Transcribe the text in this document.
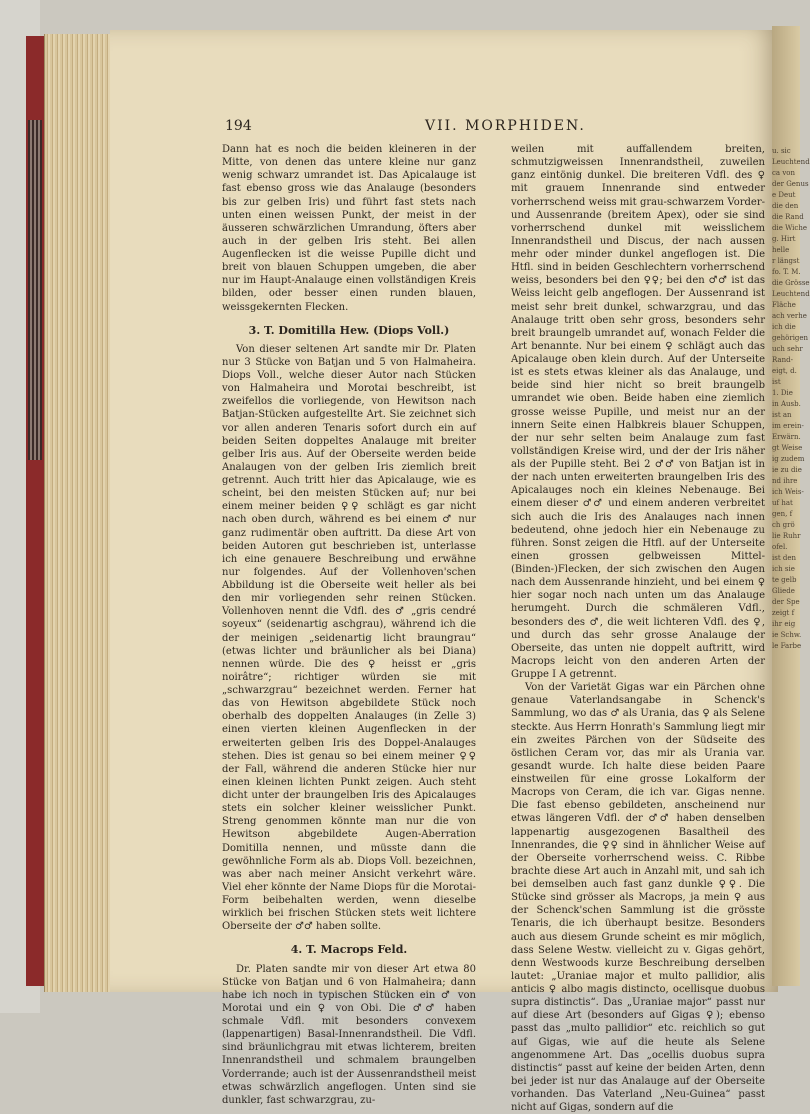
u. sic
Leuchtend
ca von
der Genus
e Deut
die den
die Rand
die Wiche
g. Hirt
helle
r längst
fo. T. M.
die Grösse
Leuchtend
Fläche
ach verhe
ich die
gehörigen
uch sehr
Rand-
eigt, d.
ist
1. Die
in Ausb.
ist an
im erein-
Erwärn.
gt Weise
ig zudem
ie zu die
nd ihre
ich Weis-
uf hat
gen, f
ch grö
lie Ruhr
ofel.
ist den
ich sie
te gelb
Gliede
der Spe
zeigt f
ihr eig
ie Schw.
le Farbe
194	VII. MORPHIDEN.

Dann hat es noch die beiden kleineren in der Mitte, von denen das untere kleine nur ganz wenig schwarz umrandet ist. Das Apicalauge ist fast ebenso gross wie das Analauge (besonders bis zur gelben Iris) und führt fast stets nach unten einen weissen Punkt, der meist in der äusseren schwärzlichen Umrandung, öfters aber auch in der gelben Iris steht. Bei allen Augenflecken ist die weisse Pupille dicht und breit von blauen Schuppen umgeben, die aber nur im Haupt-Analauge einen vollständigen Kreis bilden, oder besser einen runden blauen, weissgekernten Flecken.

3. T. Domitilla Hew. (Diops Voll.)

Von dieser seltenen Art sandte mir Dr. Platen nur 3 Stücke von Batjan und 5 von Halmaheira. Diops Voll., welche dieser Autor nach Stücken von Halmaheira und Morotai beschreibt, ist zweifellos die vorliegende, von Hewitson nach Batjan-Stücken aufgestellte Art. Sie zeichnet sich vor allen anderen Tenaris sofort durch ein auf beiden Seiten doppeltes Analauge mit breiter gelber Iris aus. Auf der Oberseite werden beide Analaugen von der gelben Iris ziemlich breit getrennt. Auch tritt hier das Apicalauge, wie es scheint, bei den meisten Stücken auf; nur bei einem meiner beiden ♀♀ schlägt es gar nicht nach oben durch, während es bei einem ♂ nur ganz rudimentär oben auftritt. Da diese Art von beiden Autoren gut beschrieben ist, unterlasse ich eine genauere Beschreibung und erwähne nur folgendes. Auf der Vollenhoven'schen Abbildung ist die Oberseite weit heller als bei den mir vorliegenden sehr reinen Stücken. Vollenhoven nennt die Vdfl. des ♂ „gris cendré soyeux“ (seidenartig aschgrau), während ich die der meinigen „seidenartig licht braungrau“ (etwas lichter und bräunlicher als bei Diana) nennen würde. Die des ♀ heisst er „gris noirâtre“; richtiger würden sie mit „schwarzgrau“ bezeichnet werden. Ferner hat das von Hewitson abgebildete Stück noch oberhalb des doppelten Analauges (in Zelle 3) einen vierten kleinen Augenflecken in der erweiterten gelben Iris des Doppel-Analauges stehen. Dies ist genau so bei einem meiner ♀♀ der Fall, während die anderen Stücke hier nur einen kleinen lichten Punkt zeigen. Auch steht dicht unter der braungelben Iris des Apicalauges stets ein solcher kleiner weisslicher Punkt. Streng genommen könnte man nur die von Hewitson abgebildete Augen-Aberration Domitilla nennen, und müsste dann die gewöhnliche Form als ab. Diops Voll. bezeichnen, was aber nach meiner Ansicht verkehrt wäre. Viel eher könnte der Name Diops für die Morotai-Form beibehalten werden, wenn dieselbe wirklich bei frischen Stücken stets weit lichtere Oberseite der ♂♂ haben sollte.

4. T. Macrops Feld.

Dr. Platen sandte mir von dieser Art etwa 80 Stücke von Batjan und 6 von Halmaheira; dann habe ich noch in typischen Stücken ein ♂ von Morotai und ein ♀ von Obi. Die ♂♂ haben schmale Vdfl. mit besonders convexem (lappenartigen) Basal-Innenrandstheil. Die Vdfl. sind bräunlichgrau mit etwas lichterem, breiten Innenrandstheil und schmalem braungelben Vorderrande; auch ist der Aussenrandstheil meist etwas schwärzlich angeflogen. Unten sind sie dunkler, fast schwarzgrau, zu-

weilen mit auffallendem breiten, schmutzigweissen Innenrandstheil, zuweilen ganz eintönig dunkel. Die breiteren Vdfl. des ♀ mit grauem Innenrande sind entweder vorherrschend weiss mit grau-schwarzem Vorder- und Aussenrande (breitem Apex), oder sie sind vorherrschend dunkel mit weisslichem Innenrandstheil und Discus, der nach aussen mehr oder minder dunkel angeflogen ist. Die Htfl. sind in beiden Geschlechtern vorherrschend weiss, besonders bei den ♀♀; bei den ♂♂ ist das Weiss leicht gelb angeflogen. Der Aussenrand ist meist sehr breit dunkel, schwarzgrau, und das Analauge tritt oben sehr gross, besonders sehr breit braungelb umrandet auf, wonach Felder die Art benannte. Nur bei einem ♀ schlägt auch das Apicalauge oben klein durch. Auf der Unterseite ist es stets etwas kleiner als das Analauge, und beide sind hier nicht so breit braungelb umrandet wie oben. Beide haben eine ziemlich grosse weisse Pupille, und meist nur an der innern Seite einen Halbkreis blauer Schuppen, der nur sehr selten beim Analauge zum fast vollständigen Kreise wird, und der der Iris näher als der Pupille steht. Bei 2 ♂♂ von Batjan ist in der nach unten erweiterten braungelben Iris des Apicalauges noch ein kleines Nebenauge. Bei einem dieser ♂♂ und einem anderen verbreitet sich auch die Iris des Analauges nach innen bedeutend, ohne jedoch hier ein Nebenauge zu führen. Sonst zeigen die Htfl. auf der Unterseite einen grossen gelbweissen Mittel-(Binden-)Flecken, der sich zwischen den Augen nach dem Aussenrande hinzieht, und bei einem ♀ hier sogar noch nach unten um das Analauge herumgeht. Durch die schmäleren Vdfl., besonders des ♂, die weit lichteren Vdfl. des ♀, und durch das sehr grosse Analauge der Oberseite, das unten nie doppelt auftritt, wird Macrops leicht von den anderen Arten der Gruppe I A getrennt.

Von der Varietät Gigas war ein Pärchen ohne genaue Vaterlandsangabe in Schenck's Sammlung, wo das ♂ als Urania, das ♀ als Selene steckte. Aus Herrn Honrath's Sammlung liegt mir ein zweites Pärchen von der Südseite des östlichen Ceram vor, das mir als Urania var. gesandt wurde. Ich halte diese beiden Paare einstweilen für eine grosse Lokalform der Macrops von Ceram, die ich var. Gigas nenne. Die fast ebenso gebildeten, anscheinend nur etwas längeren Vdfl. der ♂♂ haben denselben lappenartig ausgezogenen Basaltheil des Innenrandes, die ♀♀ sind in ähnlicher Weise auf der Oberseite vorherrschend weiss. C. Ribbe brachte diese Art auch in Anzahl mit, und sah ich bei demselben auch fast ganz dunkle ♀♀. Die Stücke sind grösser als Macrops, ja mein ♀ aus der Schenck'schen Sammlung ist die grösste Tenaris, die ich überhaupt besitze. Besonders auch aus diesem Grunde scheint es mir möglich, dass Selene Westw. vielleicht zu v. Gigas gehört, denn Westwoods kurze Beschreibung derselben lautet: „Uraniae major et multo pallidior, alis anticis ♀ albo magis distincto, ocellisque duobus supra distinctis“. Das „Uraniae major“ passt nur auf diese Art (besonders auf Gigas ♀); ebenso passt das „multo pallidior“ etc. reichlich so gut auf Gigas, wie auf die heute als Selene angenommene Art. Das „ocellis duobus supra distinctis“ passt auf keine der beiden Arten, denn bei jeder ist nur das Analauge auf der Oberseite vorhanden. Das Vaterland „Neu-Guinea“ passt nicht auf Gigas, sondern auf die
